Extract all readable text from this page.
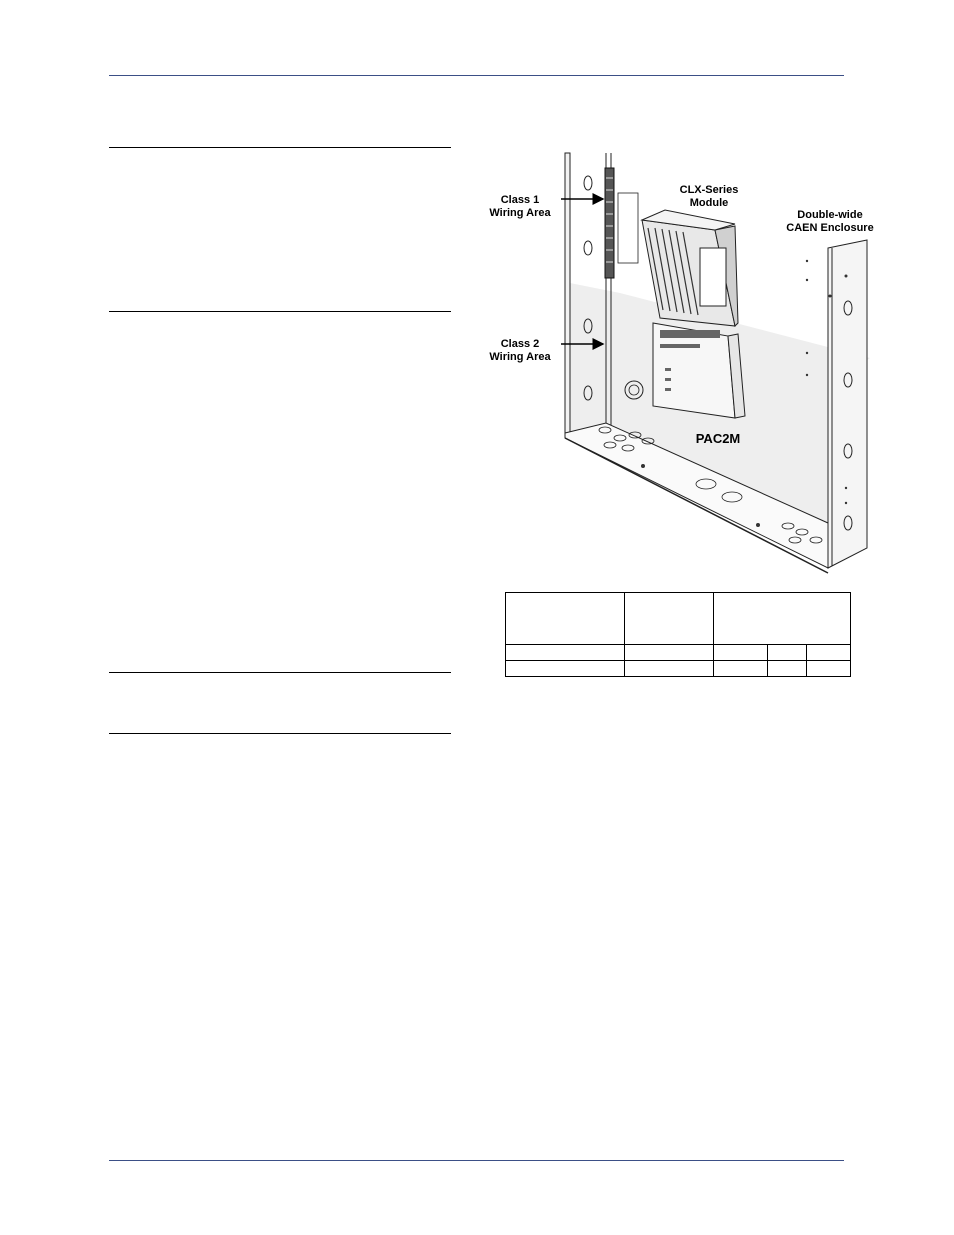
Class 1
Wiring Area
Class 2
Wiring Area
CLX-Series
Module
Double-wide
CAEN Enclosure
PAC2M
